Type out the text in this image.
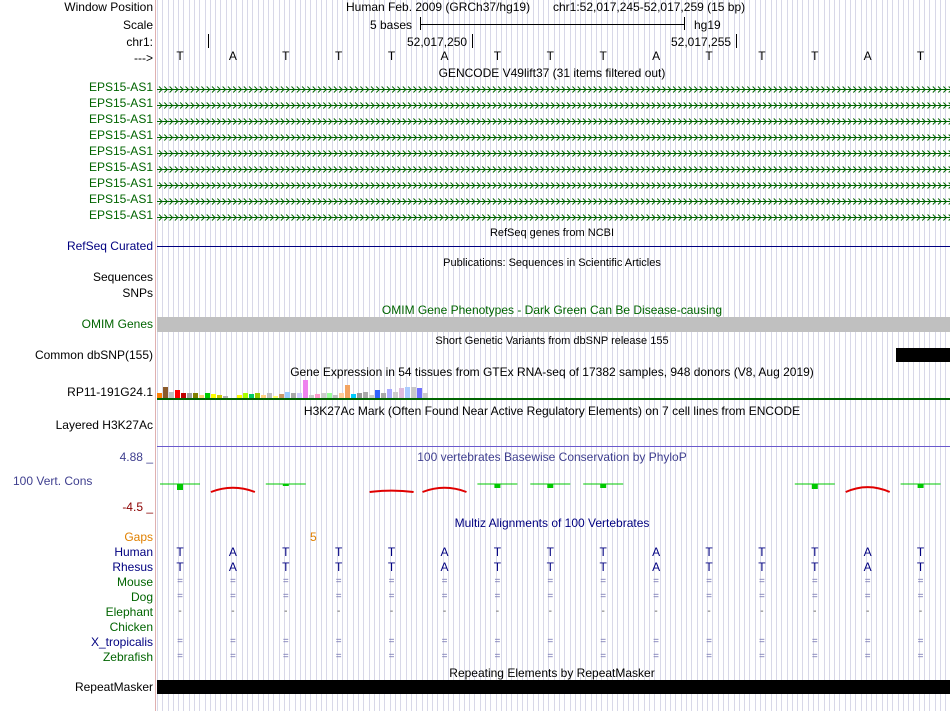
Window Position
Scale
chr1:
--->
Human Feb. 2009 (GRCh37/hg19) chr1:52,017,245-52,017,259 (15 bp)
5 bases	hg19
52,017,250	52,017,255
T	A	T	T	T	A	T	T	T	A	T	T	T	A	T
GENCODE V49lift37 (31 items filtered out)
EPS15-AS1
EPS15-AS1
EPS15-AS1
EPS15-AS1
EPS15-AS1
EPS15-AS1
EPS15-AS1
EPS15-AS1
EPS15-AS1
RefSeq genes from NCBI
RefSeq Curated
Publications: Sequences in Scientific Articles
Sequences
SNPs
OMIM Gene Phenotypes - Dark Green Can Be Disease-causing
OMIM Genes
Short Genetic Variants from dbSNP release 155
Common dbSNP(155)
Gene Expression in 54 tissues from GTEx RNA-seq of 17382 samples, 948 donors (V8, Aug 2019)
RP11-191G24.1
H3K27Ac Mark (Often Found Near Active Regulatory Elements) on 7 cell lines from ENCODE
Layered H3K27Ac
100 vertebrates Basewise Conservation by PhyloP
4.88 _
100 Vert. Cons
-4.5 _
Multiz Alignments of 100 Vertebrates
Gaps	5
Human	T	A	T	T	T	A	T	T	T	A	T	T	T	A	T
Rhesus	T	A	T	T	T	A	T	T	T	A	T	T	T	A	T
Mouse	=	=	=	=	=	=	=	=	=	=	=	=	=	=	=
Dog	=	=	=	=	=	=	=	=	=	=	=	=	=	=	=
Elephant	-	-	-	-	-	-	-	-	-	-	-	-	-	-	-
Chicken
X_tropicalis	=	=	=	=	=	=	=	=	=	=	=	=	=	=	=
Zebrafish	=	=	=	=	=	=	=	=	=	=	=	=	=	=	=
Repeating Elements by RepeatMasker
RepeatMasker
